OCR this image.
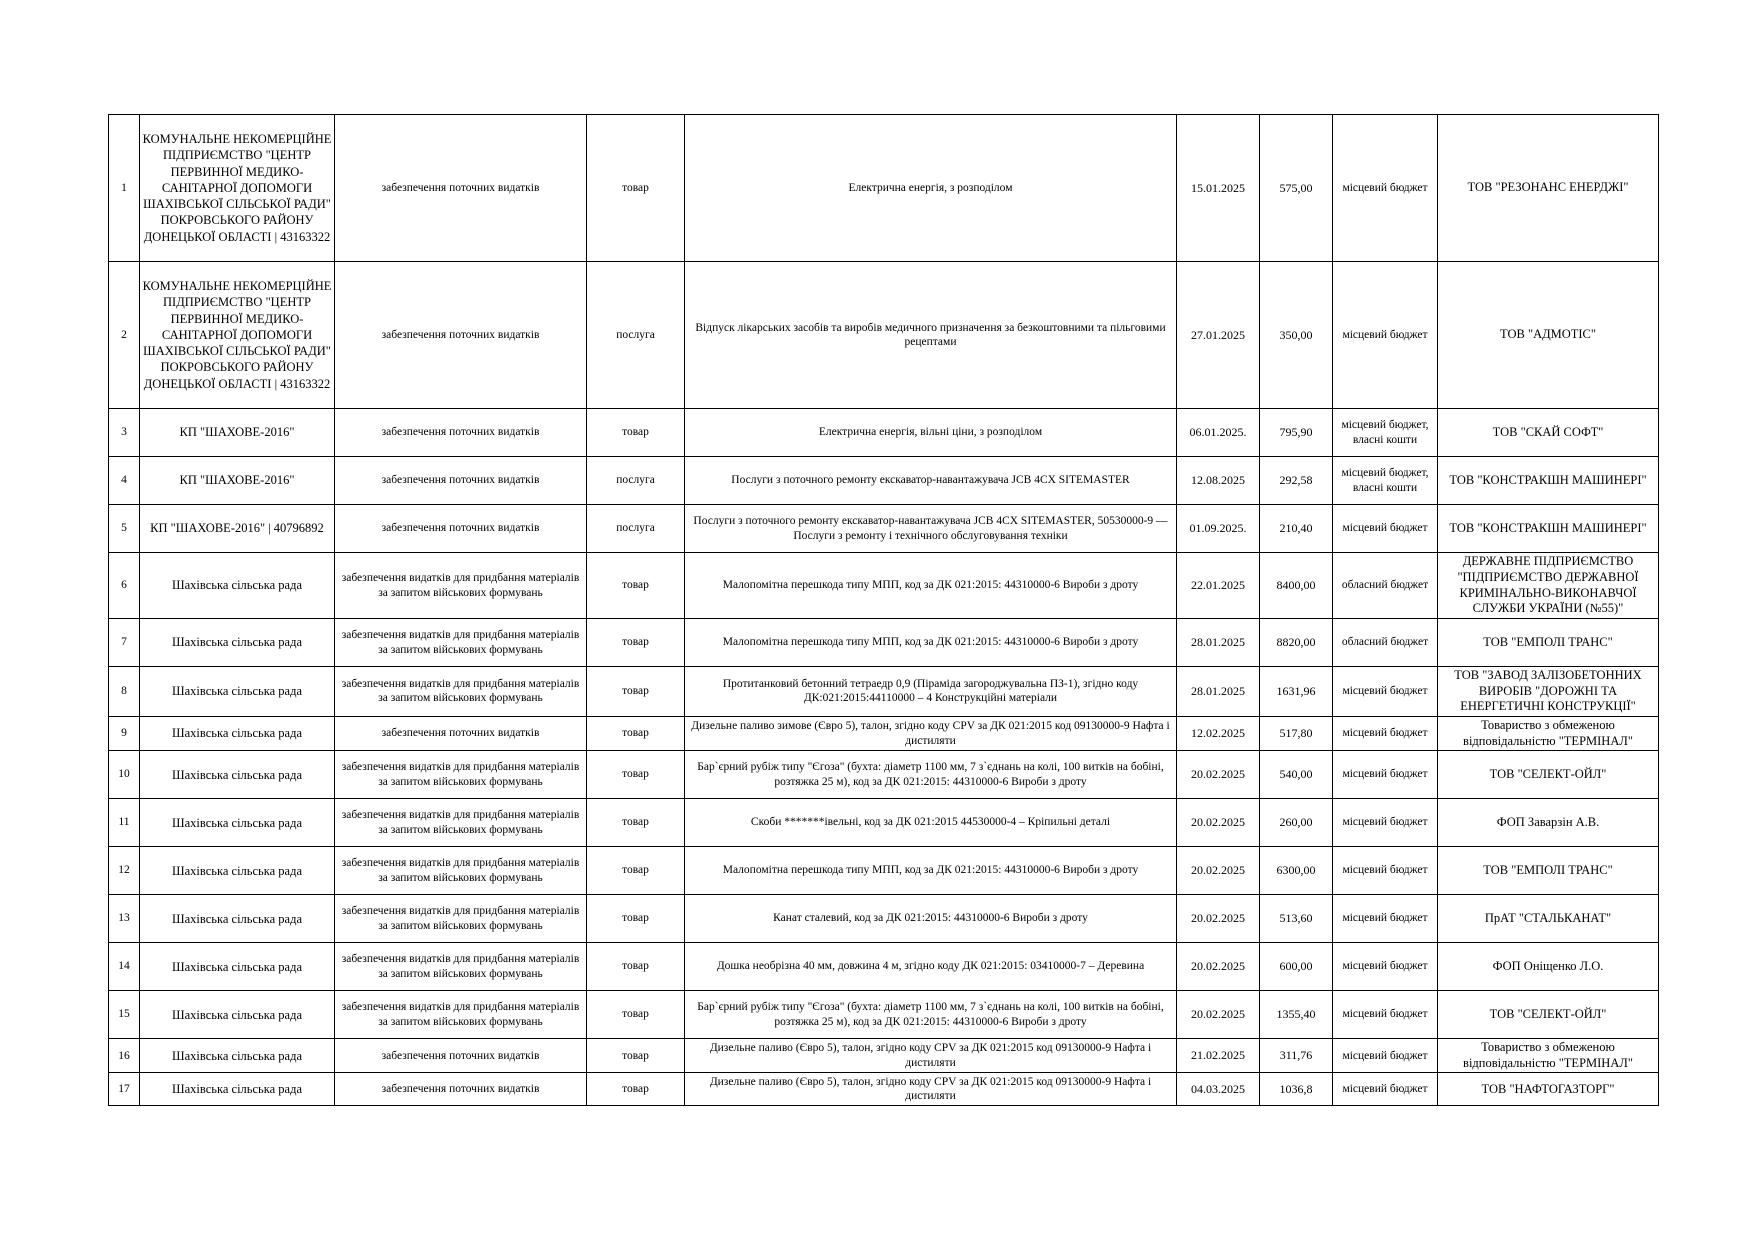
1	КОМУНАЛЬНЕ НЕКОМЕРЦІЙНЕ ПІДПРИЄМСТВО "ЦЕНТР ПЕРВИННОЇ МЕДИКО-САНІТАРНОЇ ДОПОМОГИ ШАХІВСЬКОЇ СІЛЬСЬКОЇ РАДИ" ПОКРОВСЬКОГО РАЙОНУ ДОНЕЦЬКОЇ ОБЛАСТІ | 43163322	забезпечення поточних видатків	товар	Електрична енергія, з розподілом	15.01.2025	575,00	місцевий бюджет	ТОВ "РЕЗОНАНС ЕНЕРДЖІ"
2	КОМУНАЛЬНЕ НЕКОМЕРЦІЙНЕ ПІДПРИЄМСТВО "ЦЕНТР ПЕРВИННОЇ МЕДИКО-САНІТАРНОЇ ДОПОМОГИ ШАХІВСЬКОЇ СІЛЬСЬКОЇ РАДИ" ПОКРОВСЬКОГО РАЙОНУ ДОНЕЦЬКОЇ ОБЛАСТІ | 43163322	забезпечення поточних видатків	послуга	Відпуск лікарських засобів та виробів медичного призначення за безкоштовними та пільговими рецептами	27.01.2025	350,00	місцевий бюджет	ТОВ "АДМОТІС"
3	КП "ШАХОВЕ-2016"	забезпечення поточних видатків	товар	Електрична енергія, вільні ціни, з розподілом	06.01.2025.	795,90	місцевий бюджет, власні кошти	ТОВ "СКАЙ СОФТ"
4	КП "ШАХОВЕ-2016"	забезпечення поточних видатків	послуга	Послуги з поточного ремонту екскаватор-навантажувача JCB 4CX SITEMASTER	12.08.2025	292,58	місцевий бюджет, власні кошти	ТОВ "КОНСТРАКШН МАШИНЕРІ"
5	КП "ШАХОВЕ-2016" | 40796892	забезпечення поточних видатків	послуга	Послуги з поточного ремонту екскаватор-навантажувача JCB 4CX SITEMASTER, 50530000-9 — Послуги з ремонту і технічного обслуговування техніки	01.09.2025.	210,40	місцевий бюджет	ТОВ "КОНСТРАКШН МАШИНЕРІ"
6	Шахівська сільська рада	забезпечення видатків для придбання матеріалів за запитом військових формувань	товар	Малопомітна перешкода типу МПП, код за ДК 021:2015: 44310000-6 Вироби з дроту	22.01.2025	8400,00	обласний бюджет	ДЕРЖАВНЕ ПІДПРИЄМСТВО "ПІДПРИЄМСТВО ДЕРЖАВНОЇ КРИМІНАЛЬНО-ВИКОНАВЧОЇ СЛУЖБИ УКРАЇНИ (№55)"
7	Шахівська сільська рада	забезпечення видатків для придбання матеріалів за запитом військових формувань	товар	Малопомітна перешкода типу МПП, код за ДК 021:2015: 44310000-6 Вироби з дроту	28.01.2025	8820,00	обласний бюджет	ТОВ "ЕМПОЛІ ТРАНС"
8	Шахівська сільська рада	забезпечення видатків для придбання матеріалів за запитом військових формувань	товар	Протитанковий бетонний тетраедр 0,9 (Піраміда загороджувальна ПЗ-1), згідно коду ДК:021:2015:44110000 – 4 Конструкційні матеріали	28.01.2025	1631,96	місцевий бюджет	ТОВ "ЗАВОД ЗАЛІЗОБЕТОННИХ ВИРОБІВ "ДОРОЖНІ ТА ЕНЕРГЕТИЧНІ КОНСТРУКЦІЇ"
9	Шахівська сільська рада	забезпечення поточних видатків	товар	Дизельне паливо зимове (Євро 5), талон, згідно коду CPV за ДК 021:2015 код 09130000-9 Нафта і дистиляти	12.02.2025	517,80	місцевий бюджет	Товариство з обмеженою відповідальністю "ТЕРМІНАЛ"
10	Шахівська сільська рада	забезпечення видатків для придбання матеріалів за запитом військових формувань	товар	Бар`єрний рубіж типу "Єгоза" (бухта: діаметр 1100 мм, 7 з`єднань на колі, 100 витків на бобіні, розтяжка 25 м), код за ДК 021:2015: 44310000-6 Вироби з дроту	20.02.2025	540,00	місцевий бюджет	ТОВ "СЕЛЕКТ-ОЙЛ"
11	Шахівська сільська рада	забезпечення видатків для придбання матеріалів за запитом військових формувань	товар	Скоби *******івельні, код за ДК 021:2015 44530000-4 – Кріпильні деталі	20.02.2025	260,00	місцевий бюджет	ФОП Заварзін А.В.
12	Шахівська сільська рада	забезпечення видатків для придбання матеріалів за запитом військових формувань	товар	Малопомітна перешкода типу МПП, код за ДК 021:2015: 44310000-6 Вироби з дроту	20.02.2025	6300,00	місцевий бюджет	ТОВ "ЕМПОЛІ ТРАНС"
13	Шахівська сільська рада	забезпечення видатків для придбання матеріалів за запитом військових формувань	товар	Канат сталевий, код за ДК 021:2015: 44310000-6 Вироби з дроту	20.02.2025	513,60	місцевий бюджет	ПрАТ "СТАЛЬКАНАТ"
14	Шахівська сільська рада	забезпечення видатків для придбання матеріалів за запитом військових формувань	товар	Дошка необрізна 40 мм, довжина 4 м, згідно коду ДК 021:2015: 03410000-7 – Деревина	20.02.2025	600,00	місцевий бюджет	ФОП Оніщенко Л.О.
15	Шахівська сільська рада	забезпечення видатків для придбання матеріалів за запитом військових формувань	товар	Бар`єрний рубіж типу "Єгоза" (бухта: діаметр 1100 мм, 7 з`єднань на колі, 100 витків на бобіні, розтяжка 25 м), код за ДК 021:2015: 44310000-6 Вироби з дроту	20.02.2025	1355,40	місцевий бюджет	ТОВ "СЕЛЕКТ-ОЙЛ"
16	Шахівська сільська рада	забезпечення поточних видатків	товар	Дизельне паливо (Євро 5), талон, згідно коду CPV за ДК 021:2015 код 09130000-9 Нафта і дистиляти	21.02.2025	311,76	місцевий бюджет	Товариство з обмеженою відповідальністю "ТЕРМІНАЛ"
17	Шахівська сільська рада	забезпечення поточних видатків	товар	Дизельне паливо (Євро 5), талон, згідно коду CPV за ДК 021:2015 код 09130000-9 Нафта і дистиляти	04.03.2025	1036,8	місцевий бюджет	ТОВ "НАФТОГАЗТОРГ"
